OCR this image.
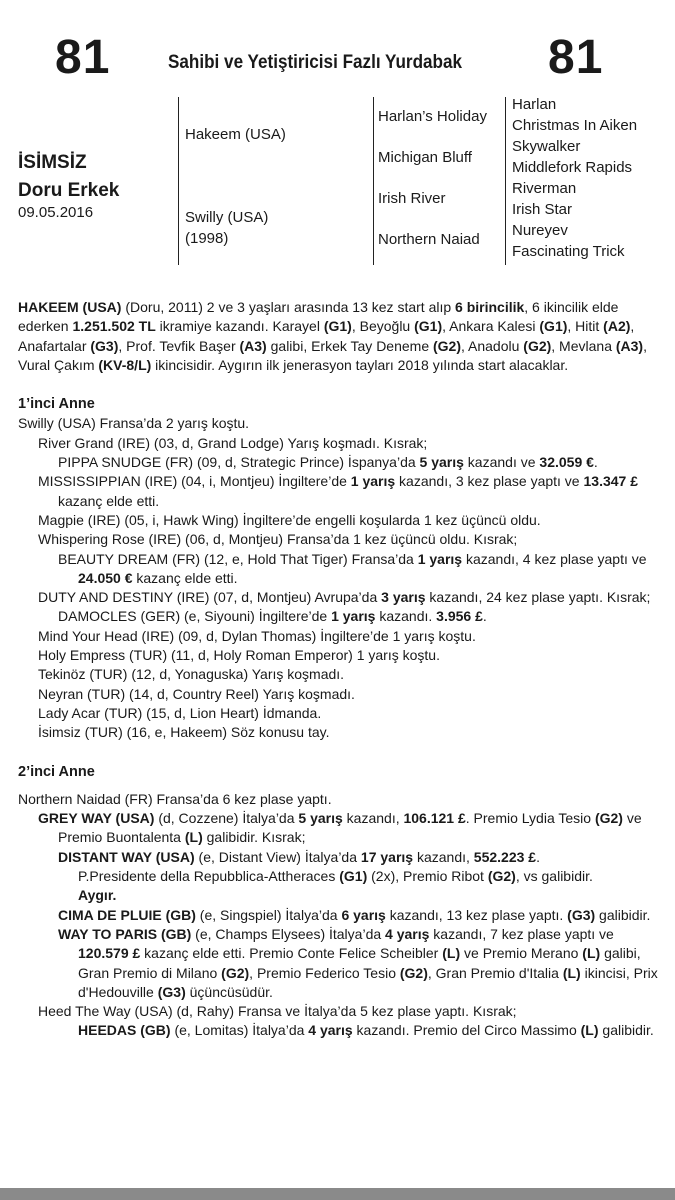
81	Sahibi ve Yetiştiricisi Fazlı Yurdabak	81
İSİMSİZ
Doru Erkek
09.05.2016
Hakeem (USA)
Swilly (USA)
(1998)
Harlan’s Holiday
Michigan Bluff
Irish River
Northern Naiad
Harlan
Christmas In Aiken
Skywalker
Middlefork Rapids
Riverman
Irish Star
Nureyev
Fascinating Trick

HAKEEM (USA) (Doru, 2011) 2 ve 3 yaşları arasında 13 kez start alıp 6 birincilik, 6 ikincilik elde ederken 1.251.502 TL ikramiye kazandı. Karayel (G1), Beyoğlu (G1), Ankara Kalesi (G1), Hitit (A2), Anafartalar (G3), Prof. Tevfik Başer (A3) galibi, Erkek Tay Deneme (G2), Anadolu (G2), Mevlana (A3), Vural Çakım (KV-8/L) ikincisidir. Aygırın ilk jenerasyon tayları 2018 yılında start alacaklar.

1’inci Anne

Swilly (USA) Fransa’da 2 yarış koştu.

River Grand (IRE) (03, d, Grand Lodge) Yarış koşmadı. Kısrak;

PIPPA SNUDGE (FR) (09, d, Strategic Prince) İspanya’da 5 yarış kazandı ve 32.059 €.

MISSISSIPPIAN (IRE) (04, i, Montjeu) İngiltere’de 1 yarış kazandı, 3 kez plase yaptı ve 13.347 £ kazanç elde etti.

Magpie (IRE) (05, i, Hawk Wing) İngiltere’de engelli koşularda 1 kez üçüncü oldu.

Whispering Rose (IRE) (06, d, Montjeu) Fransa’da 1 kez üçüncü oldu. Kısrak;

BEAUTY DREAM (FR) (12, e, Hold That Tiger) Fransa’da 1 yarış kazandı, 4 kez plase yaptı ve 24.050 € kazanç elde etti.

DUTY AND DESTINY (IRE) (07, d, Montjeu) Avrupa’da 3 yarış kazandı, 24 kez plase yaptı. Kısrak;

DAMOCLES (GER) (e, Siyouni) İngiltere’de 1 yarış kazandı. 3.956 £.

Mind Your Head (IRE) (09, d, Dylan Thomas) İngiltere’de 1 yarış koştu.

Holy Empress (TUR) (11, d, Holy Roman Emperor) 1 yarış koştu.

Tekinöz (TUR) (12, d, Yonaguska) Yarış koşmadı.

Neyran (TUR) (14, d, Country Reel) Yarış koşmadı.

Lady Acar (TUR) (15, d, Lion Heart) İdmanda.

İsimsiz (TUR) (16, e, Hakeem) Söz konusu tay.

2’inci Anne

Northern Naidad (FR) Fransa’da 6 kez plase yaptı.

GREY WAY (USA) (d, Cozzene) İtalya’da 5 yarış kazandı, 106.121 £. Premio Lydia Tesio (G2) ve Premio Buontalenta (L) galibidir. Kısrak;

DISTANT WAY (USA) (e, Distant View) İtalya’da 17 yarış kazandı, 552.223 £.

P.Presidente della Repubblica-Attheraces (G1) (2x), Premio Ribot (G2), vs galibidir.

Aygır.

CIMA DE PLUIE (GB) (e, Singspiel) İtalya’da 6 yarış kazandı, 13 kez plase yaptı. (G3) galibidir.

WAY TO PARIS (GB) (e, Champs Elysees) İtalya’da 4 yarış kazandı, 7 kez plase yaptı ve 120.579 £ kazanç elde etti. Premio Conte Felice Scheibler (L) ve Premio Merano (L) galibi, Gran Premio di Milano (G2), Premio Federico Tesio (G2), Gran Premio d'Italia (L) ikincisi, Prix d'Hedouville (G3) üçüncüsüdür.

Heed The Way (USA) (d, Rahy) Fransa ve İtalya’da 5 kez plase yaptı. Kısrak;

HEEDAS (GB) (e, Lomitas) İtalya’da 4 yarış kazandı. Premio del Circo Massimo (L) galibidir.
